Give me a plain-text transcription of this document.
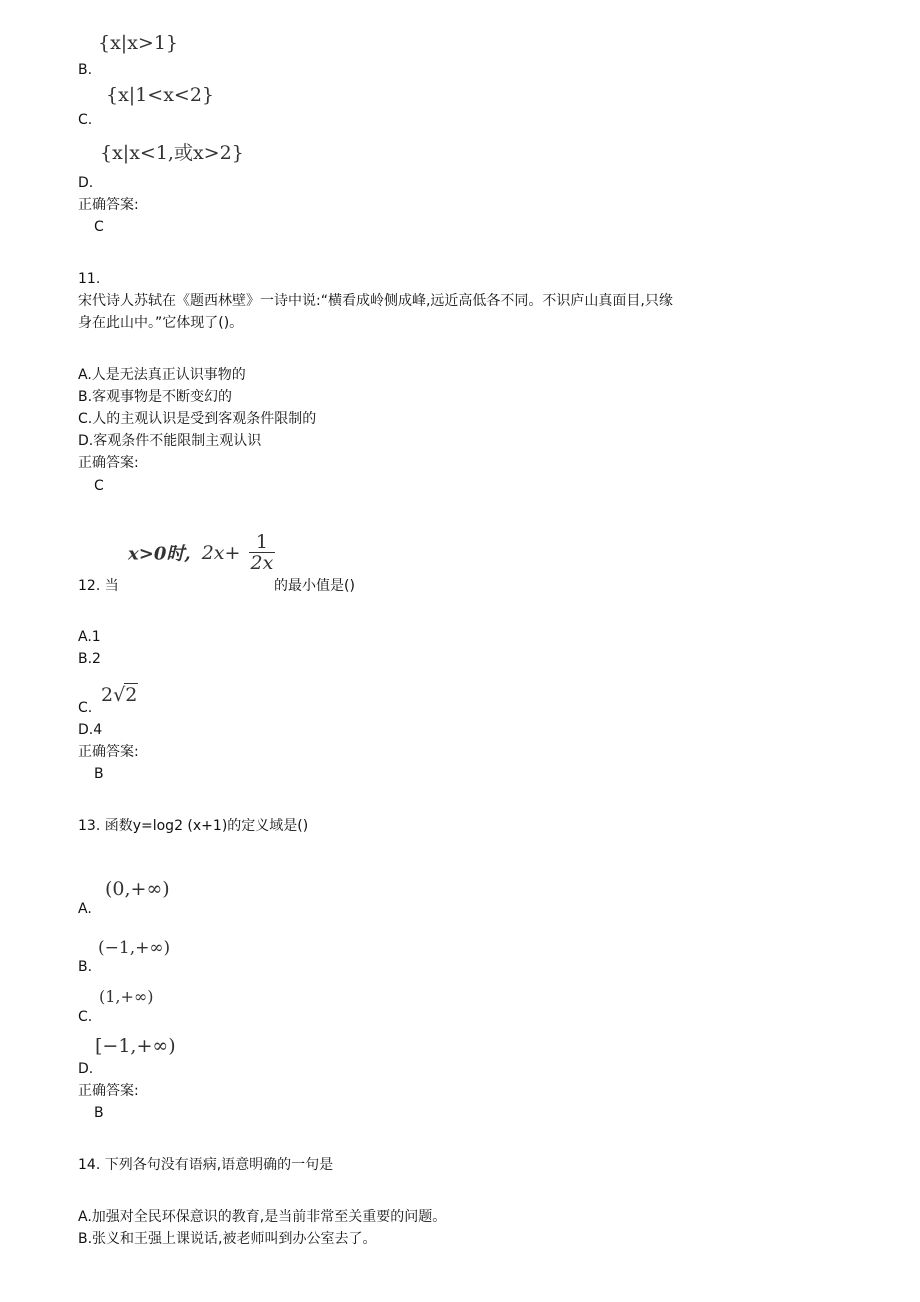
{x|x>1}
B.
{x|1<x<2}
C.
{x|x<1,或x>2}
D.
正确答案:
C
11.
宋代诗人苏轼在《题西林壁》一诗中说:“横看成岭侧成峰,远近高低各不同。不识庐山真面目,只缘
身在此山中。”它体现了()。
A.人是无法真正认识事物的
B.客观事物是不断变幻的
C.人的主观认识是受到客观条件限制的
D.客观条件不能限制主观认识
正确答案:
C
x>0时, $2x+ \frac{1}{2x}$
12. 当	的最小值是()
A.1
B.2
2√2
C.
D.4
正确答案:
B
13. 函数y=log2 (x+1)的定义域是()
(0,+∞)
A.
(−1,+∞)
B.
(1,+∞)
C.
[−1,+∞)
D.
正确答案:
B
14. 下列各句没有语病,语意明确的一句是
A.加强对全民环保意识的教育,是当前非常至关重要的问题。
B.张义和王强上课说话,被老师叫到办公室去了。
